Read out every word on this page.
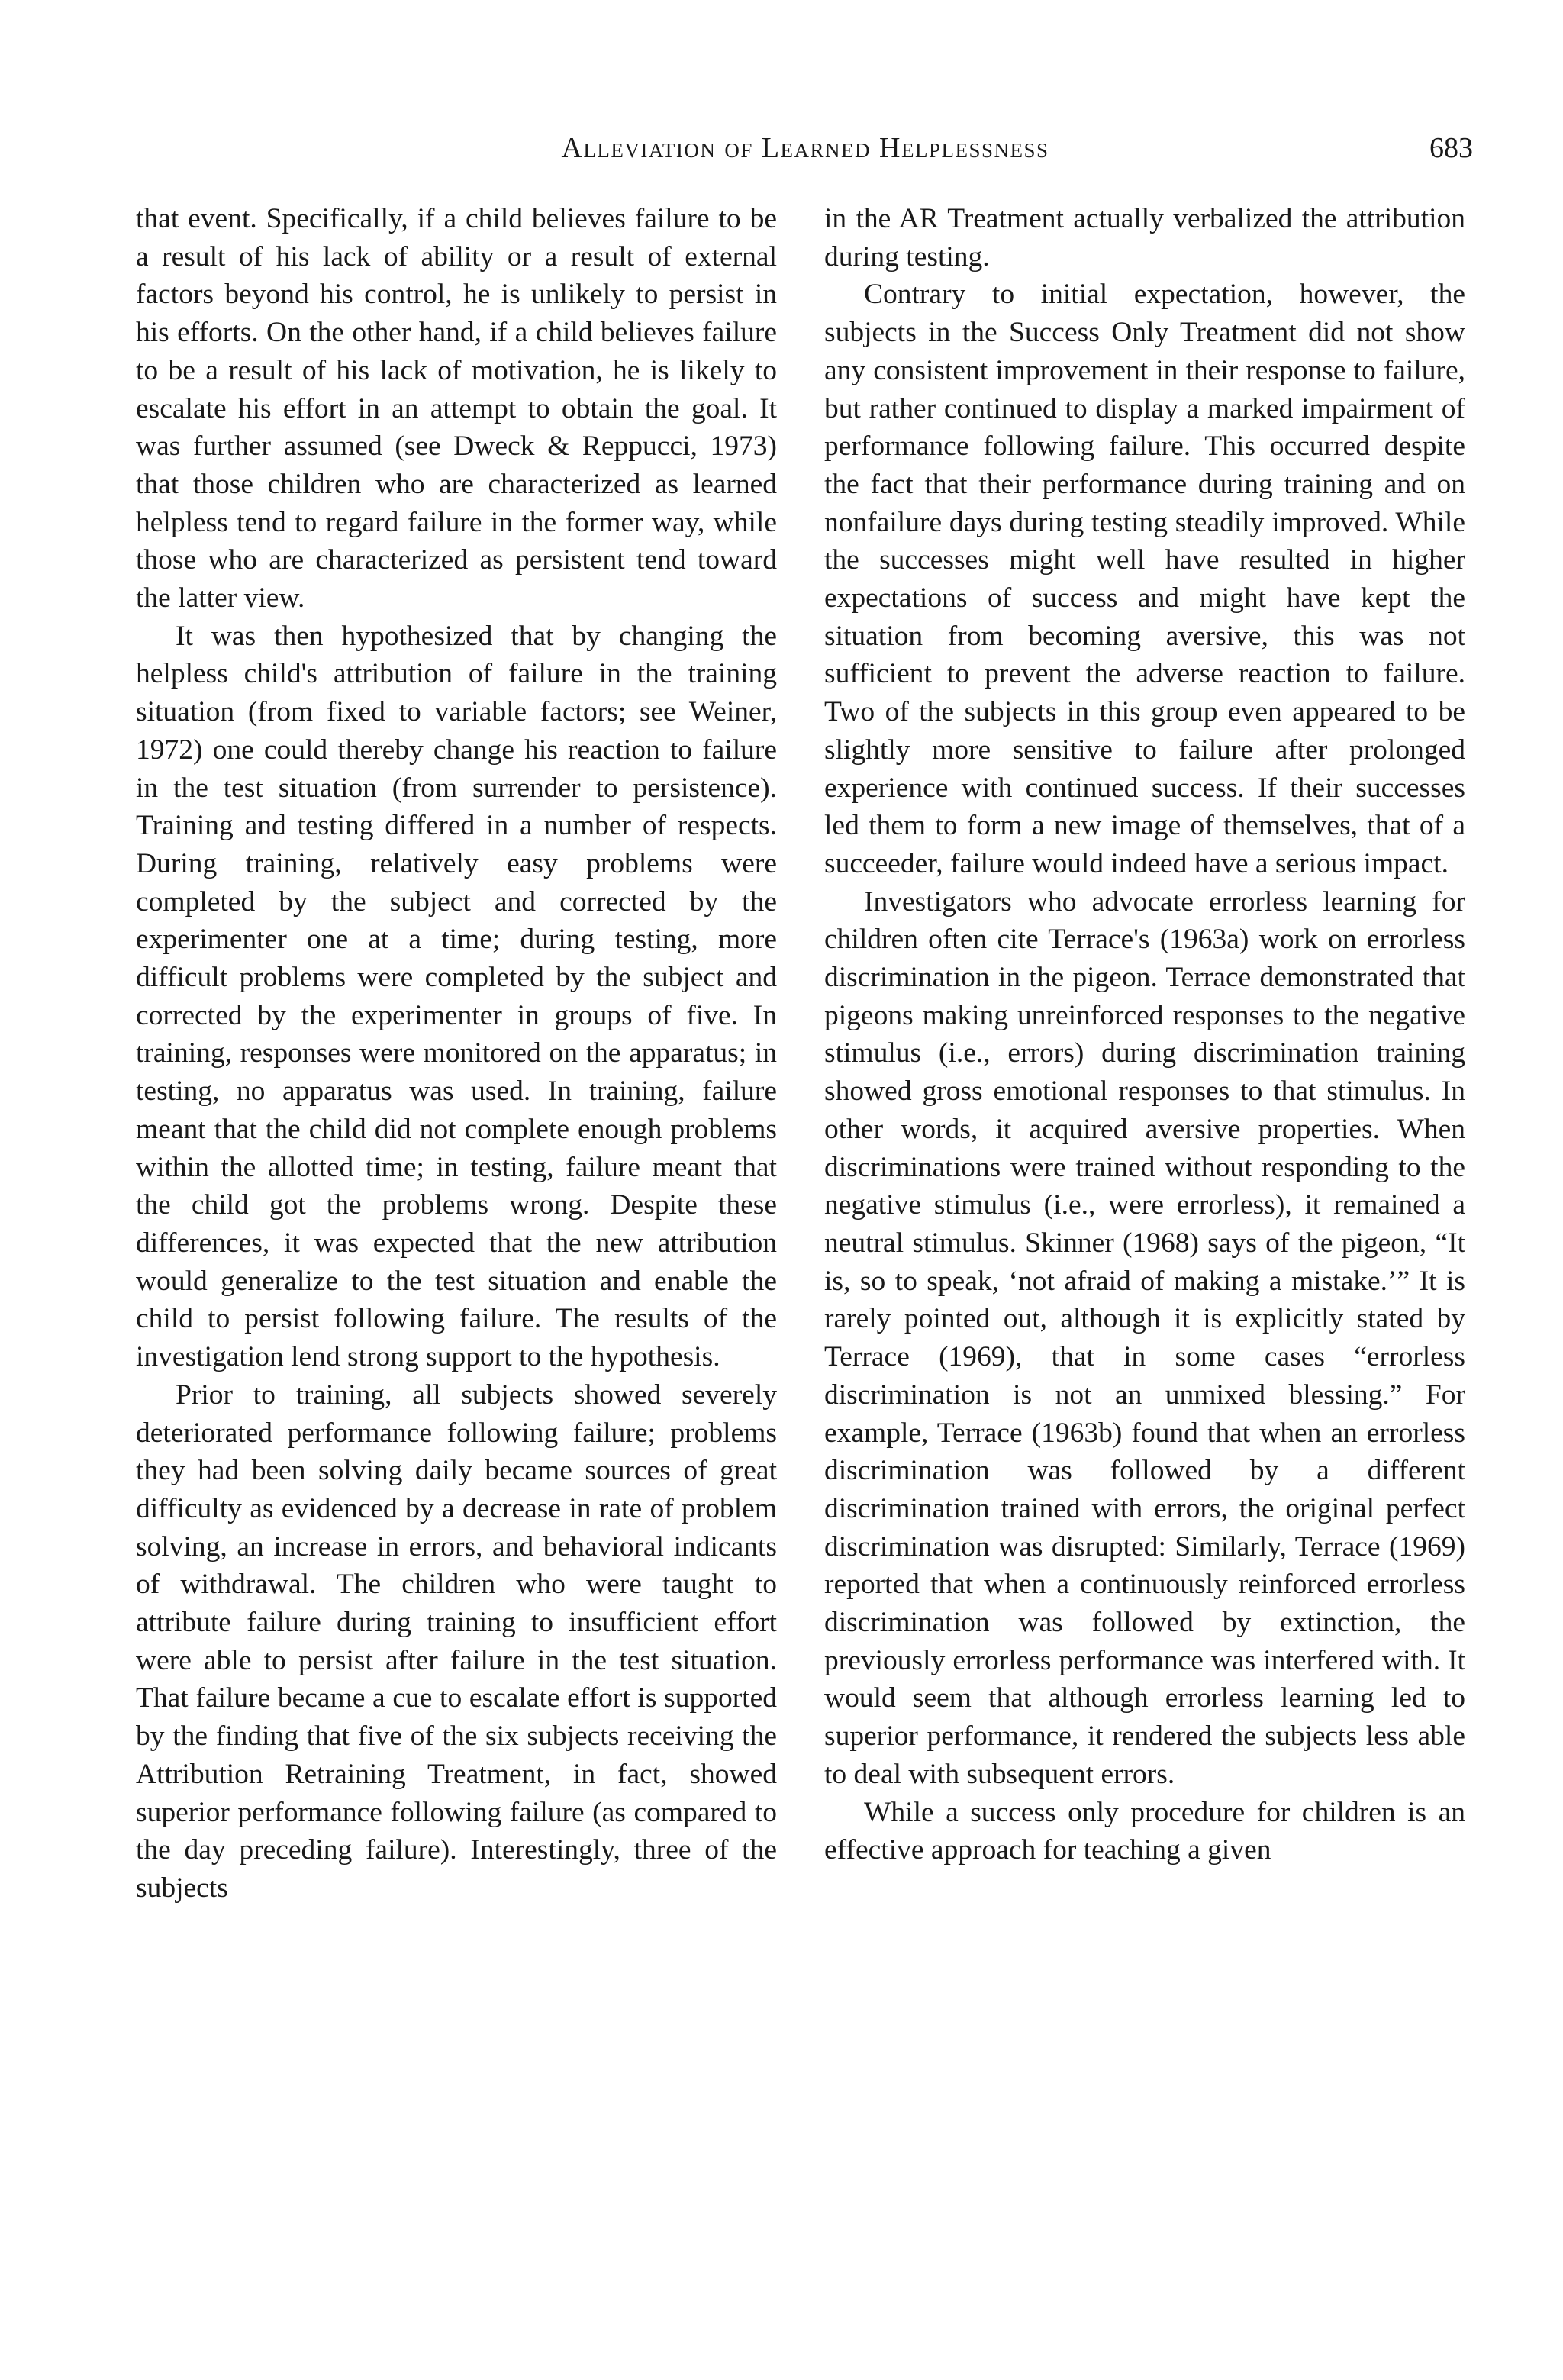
Alleviation of Learned Helplessness	683

that event. Specifically, if a child believes failure to be a result of his lack of ability or a result of external factors beyond his control, he is unlikely to persist in his efforts. On the other hand, if a child believes failure to be a result of his lack of motivation, he is likely to escalate his effort in an attempt to obtain the goal. It was further assumed (see Dweck & Reppucci, 1973) that those children who are characterized as learned helpless tend to regard failure in the former way, while those who are characterized as persistent tend toward the latter view.

It was then hypothesized that by changing the helpless child's attribution of failure in the training situation (from fixed to variable factors; see Weiner, 1972) one could thereby change his reaction to failure in the test situation (from surrender to persistence). Training and testing differed in a number of respects. During training, relatively easy problems were completed by the subject and corrected by the experimenter one at a time; during testing, more difficult problems were completed by the subject and corrected by the experimenter in groups of five. In training, responses were monitored on the apparatus; in testing, no apparatus was used. In training, failure meant that the child did not complete enough problems within the allotted time; in testing, failure meant that the child got the problems wrong. Despite these differences, it was expected that the new attribution would generalize to the test situation and enable the child to persist following failure. The results of the investigation lend strong support to the hypothesis.

Prior to training, all subjects showed severely deteriorated performance following failure; problems they had been solving daily became sources of great difficulty as evidenced by a decrease in rate of problem solving, an increase in errors, and behavioral indicants of withdrawal. The children who were taught to attribute failure during training to insufficient effort were able to persist after failure in the test situation. That failure became a cue to escalate effort is supported by the finding that five of the six subjects receiving the Attribution Retraining Treatment, in fact, showed superior performance following failure (as compared to the day preceding failure). Interestingly, three of the subjects

in the AR Treatment actually verbalized the attribution during testing.

Contrary to initial expectation, however, the subjects in the Success Only Treatment did not show any consistent improvement in their response to failure, but rather continued to display a marked impairment of performance following failure. This occurred despite the fact that their performance during training and on nonfailure days during testing steadily improved. While the successes might well have resulted in higher expectations of success and might have kept the situation from becoming aversive, this was not sufficient to prevent the adverse reaction to failure. Two of the subjects in this group even appeared to be slightly more sensitive to failure after prolonged experience with continued success. If their successes led them to form a new image of themselves, that of a succeeder, failure would indeed have a serious impact.

Investigators who advocate errorless learning for children often cite Terrace's (1963a) work on errorless discrimination in the pigeon. Terrace demonstrated that pigeons making unreinforced responses to the negative stimulus (i.e., errors) during discrimination training showed gross emotional responses to that stimulus. In other words, it acquired aversive properties. When discriminations were trained without responding to the negative stimulus (i.e., were errorless), it remained a neutral stimulus. Skinner (1968) says of the pigeon, “It is, so to speak, ‘not afraid of making a mistake.’” It is rarely pointed out, although it is explicitly stated by Terrace (1969), that in some cases “errorless discrimination is not an unmixed blessing.” For example, Terrace (1963b) found that when an errorless discrimination was followed by a different discrimination trained with errors, the original perfect discrimination was disrupted: Similarly, Terrace (1969) reported that when a continuously reinforced errorless discrimination was followed by extinction, the previously errorless performance was interfered with. It would seem that although errorless learning led to superior performance, it rendered the subjects less able to deal with subsequent errors.

While a success only procedure for children is an effective approach for teaching a given
